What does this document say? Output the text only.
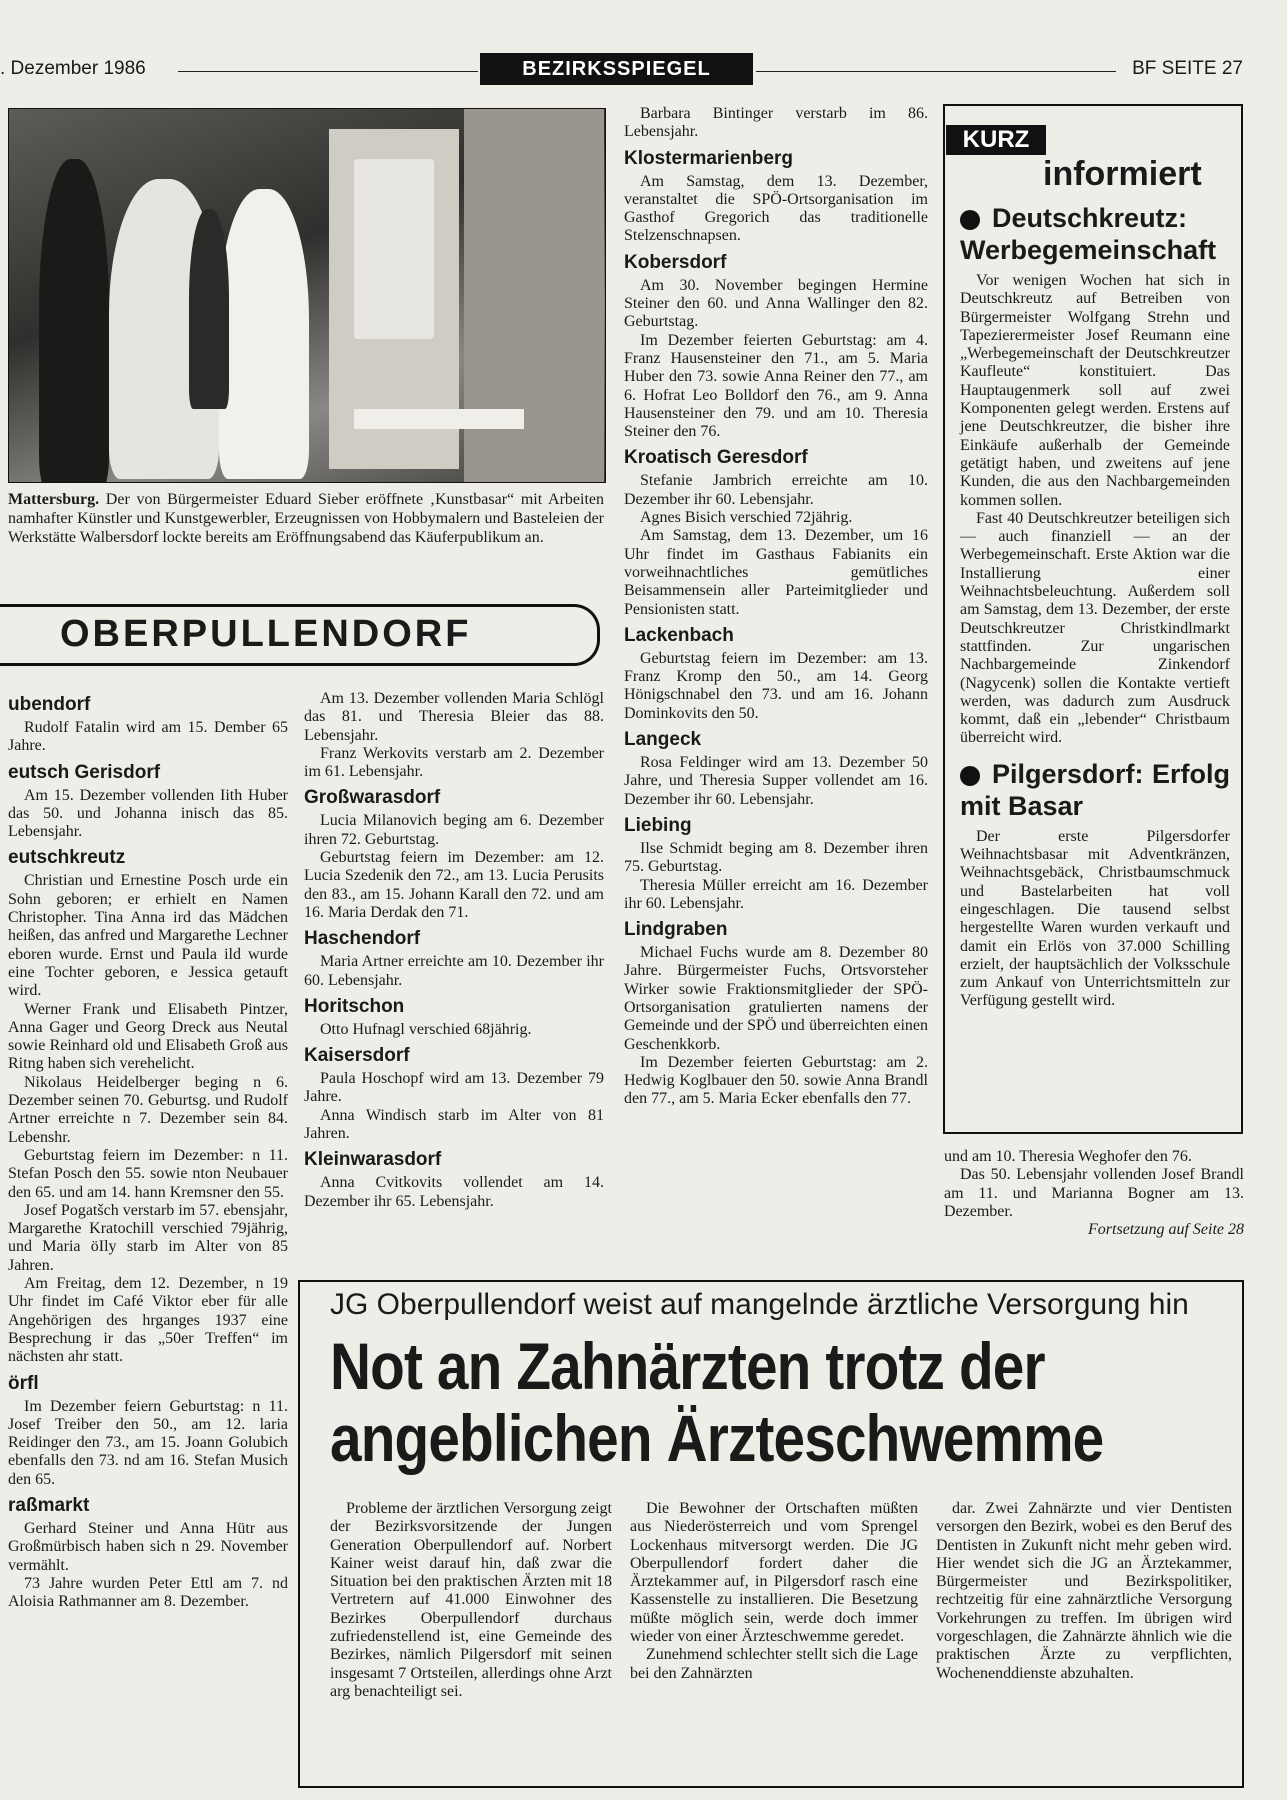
. Dezember 1986	BEZIRKSSPIEGEL	BF SEITE 27
Mattersburg. Der von Bürgermeister Eduard Sieber eröffnete ‚Kunstbasar“ mit Arbeiten namhafter Künstler und Kunstgewerbler, Erzeugnissen von Hobbymalern und Basteleien der Werkstätte Walbersdorf lockte bereits am Eröffnungsabend das Käuferpublikum an.
OBERPULLENDORF
ubendorf

Rudolf Fatalin wird am 15. Dember 65 Jahre.

eutsch Gerisdorf

Am 15. Dezember vollenden Iith Huber das 50. und Johanna inisch das 85. Lebensjahr.

eutschkreutz

Christian und Ernestine Posch urde ein Sohn geboren; er erhielt en Namen Christopher. Tina Anna ird das Mädchen heißen, das anfred und Margarethe Lechner eboren wurde. Ernst und Paula ild wurde eine Tochter geboren, e Jessica getauft wird.

Werner Frank und Elisabeth Pintzer, Anna Gager und Georg Dreck aus Neutal sowie Reinhard old und Elisabeth Groß aus Ritng haben sich verehelicht.

Nikolaus Heidelberger beging n 6. Dezember seinen 70. Geburtsg. und Rudolf Artner erreichte n 7. Dezember sein 84. Lebenshr.

Geburtstag feiern im Dezember: n 11. Stefan Posch den 55. sowie nton Neubauer den 65. und am 14. hann Kremsner den 55.

Josef Pogatšch verstarb im 57. ebensjahr, Margarethe Kratochill verschied 79jährig, und Maria öIly starb im Alter von 85 Jahren.

Am Freitag, dem 12. Dezember, n 19 Uhr findet im Café Viktor eber für alle Angehörigen des hrganges 1937 eine Besprechung ir das „50er Treffen“ im nächsten ahr statt.

örfl

Im Dezember feiern Geburtstag: n 11. Josef Treiber den 50., am 12. laria Reidinger den 73., am 15. Joann Golubich ebenfalls den 73. nd am 16. Stefan Musich den 65.

raßmarkt

Gerhard Steiner und Anna Hütr aus Großmürbisch haben sich n 29. November vermählt.

73 Jahre wurden Peter Ettl am 7. nd Aloisia Rathmanner am 8. Dezember.

Am 13. Dezember vollenden Maria Schlögl das 81. und Theresia Bleier das 88. Lebensjahr.

Franz Werkovits verstarb am 2. Dezember im 61. Lebensjahr.

Großwarasdorf

Lucia Milanovich beging am 6. Dezember ihren 72. Geburtstag.

Geburtstag feiern im Dezember: am 12. Lucia Szedenik den 72., am 13. Lucia Perusits den 83., am 15. Johann Karall den 72. und am 16. Maria Derdak den 71.

Haschendorf

Maria Artner erreichte am 10. Dezember ihr 60. Lebensjahr.

Horitschon

Otto Hufnagl verschied 68jährig.

Kaisersdorf

Paula Hoschopf wird am 13. Dezember 79 Jahre.

Anna Windisch starb im Alter von 81 Jahren.

Kleinwarasdorf

Anna Cvitkovits vollendet am 14. Dezember ihr 65. Lebensjahr.

Barbara Bintinger verstarb im 86. Lebensjahr.

Klostermarienberg

Am Samstag, dem 13. Dezember, veranstaltet die SPÖ-Ortsorganisation im Gasthof Gregorich das traditionelle Stelzenschnapsen.

Kobersdorf

Am 30. November begingen Hermine Steiner den 60. und Anna Wallinger den 82. Geburtstag.

Im Dezember feierten Geburtstag: am 4. Franz Hausensteiner den 71., am 5. Maria Huber den 73. sowie Anna Reiner den 77., am 6. Hofrat Leo Bolldorf den 76., am 9. Anna Hausensteiner den 79. und am 10. Theresia Steiner den 76.

Kroatisch Geresdorf

Stefanie Jambrich erreichte am 10. Dezember ihr 60. Lebensjahr.

Agnes Bisich verschied 72jährig.

Am Samstag, dem 13. Dezember, um 16 Uhr findet im Gasthaus Fabianits ein vorweihnachtliches gemütliches Beisammensein aller Parteimitglieder und Pensionisten statt.

Lackenbach

Geburtstag feiern im Dezember: am 13. Franz Kromp den 50., am 14. Georg Hönigschnabel den 73. und am 16. Johann Dominkovits den 50.

Langeck

Rosa Feldinger wird am 13. Dezember 50 Jahre, und Theresia Supper vollendet am 16. Dezember ihr 60. Lebensjahr.

Liebing

Ilse Schmidt beging am 8. Dezember ihren 75. Geburtstag.

Theresia Müller erreicht am 16. Dezember ihr 60. Lebensjahr.

Lindgraben

Michael Fuchs wurde am 8. Dezember 80 Jahre. Bürgermeister Fuchs, Ortsvorsteher Wirker sowie Fraktionsmitglieder der SPÖ-Ortsorganisation gratulierten namens der Gemeinde und der SPÖ und überreichten einen Geschenkkorb.

Im Dezember feierten Geburtstag: am 2. Hedwig Koglbauer den 50. sowie Anna Brandl den 77., am 5. Maria Ecker ebenfalls den 77.

KURZ
informiert
Deutschkreutz: Werbegemeinschaft

Vor wenigen Wochen hat sich in Deutschkreutz auf Betreiben von Bürgermeister Wolfgang Strehn und Tapezierermeister Josef Reumann eine „Werbegemeinschaft der Deutschkreutzer Kaufleute“ konstituiert. Das Hauptaugenmerk soll auf zwei Komponenten gelegt werden. Erstens auf jene Deutschkreutzer, die bisher ihre Einkäufe außerhalb der Gemeinde getätigt haben, und zweitens auf jene Kunden, die aus den Nachbargemeinden kommen sollen.

Fast 40 Deutschkreutzer beteiligen sich — auch finanziell — an der Werbegemeinschaft. Erste Aktion war die Installierung einer Weihnachtsbeleuchtung. Außerdem soll am Samstag, dem 13. Dezember, der erste Deutschkreutzer Christkindlmarkt stattfinden. Zur ungarischen Nachbargemeinde Zinkendorf (Nagycenk) sollen die Kontakte vertieft werden, was dadurch zum Ausdruck kommt, daß ein „lebender“ Christbaum überreicht wird.

Pilgersdorf: Erfolg mit Basar

Der erste Pilgersdorfer Weihnachtsbasar mit Adventkränzen, Weihnachtsgebäck, Christbaumschmuck und Bastelarbeiten hat voll eingeschlagen. Die tausend selbst hergestellte Waren wurden verkauft und damit ein Erlös von 37.000 Schilling erzielt, der hauptsächlich der Volksschule zum Ankauf von Unterrichtsmitteln zur Verfügung gestellt wird.

und am 10. Theresia Weghofer den 76.

Das 50. Lebensjahr vollenden Josef Brandl am 11. und Marianna Bogner am 13. Dezember.

Fortsetzung auf Seite 28

JG Oberpullendorf weist auf mangelnde ärztliche Versorgung hin
Not an Zahnärzten trotz der angeblichen Ärzteschwemme

Probleme der ärztlichen Versorgung zeigt der Bezirksvorsitzende der Jungen Generation Oberpullendorf auf. Norbert Kainer weist darauf hin, daß zwar die Situation bei den praktischen Ärzten mit 18 Vertretern auf 41.000 Einwohner des Bezirkes Oberpullendorf durchaus zufriedenstellend ist, eine Gemeinde des Bezirkes, nämlich Pilgersdorf mit seinen insgesamt 7 Ortsteilen, allerdings ohne Arzt arg benachteiligt sei.

Die Bewohner der Ortschaften müßten aus Niederösterreich und vom Sprengel Lockenhaus mitversorgt werden. Die JG Oberpullendorf fordert daher die Ärztekammer auf, in Pilgersdorf rasch eine Kassenstelle zu installieren. Die Besetzung müßte möglich sein, werde doch immer wieder von einer Ärzteschwemme geredet.

Zunehmend schlechter stellt sich die Lage bei den Zahnärzten

dar. Zwei Zahnärzte und vier Dentisten versorgen den Bezirk, wobei es den Beruf des Dentisten in Zukunft nicht mehr geben wird. Hier wendet sich die JG an Ärztekammer, Bürgermeister und Bezirkspolitiker, rechtzeitig für eine zahnärztliche Versorgung Vorkehrungen zu treffen. Im übrigen wird vorgeschlagen, die Zahnärzte ähnlich wie die praktischen Ärzte zu verpflichten, Wochenenddienste abzuhalten.
